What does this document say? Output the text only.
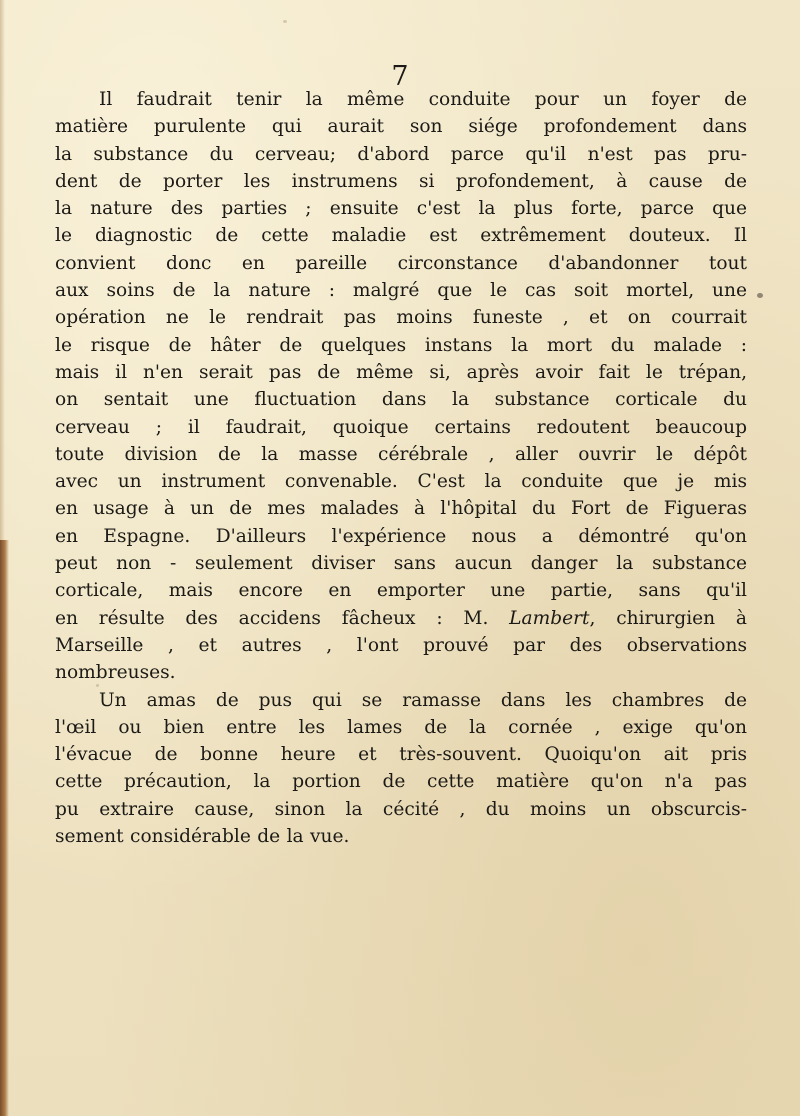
7
Il faudrait tenir la même conduite pour un foyer de
matière purulente qui aurait son siége profondement dans
la substance du cerveau; d'abord parce qu'il n'est pas pru-
dent de porter les instrumens si profondement, à cause de
la nature des parties ; ensuite c'est la plus forte, parce que
le diagnostic de cette maladie est extrêmement douteux. Il
convient donc en pareille circonstance d'abandonner tout
aux soins de la nature : malgré que le cas soit mortel, une
opération ne le rendrait pas moins funeste , et on courrait
le risque de hâter de quelques instans la mort du malade :
mais il n'en serait pas de même si, après avoir fait le trépan,
on sentait une fluctuation dans la substance corticale du
cerveau ; il faudrait, quoique certains redoutent beaucoup
toute division de la masse cérébrale , aller ouvrir le dépôt
avec un instrument convenable. C'est la conduite que je mis
en usage à un de mes malades à l'hôpital du Fort de Figueras
en Espagne. D'ailleurs l'expérience nous a démontré qu'on
peut non - seulement diviser sans aucun danger la substance
corticale, mais encore en emporter une partie, sans qu'il
en résulte des accidens fâcheux : M. Lambert, chirurgien à
Marseille , et autres , l'ont prouvé par des observations
nombreuses.
Un amas de pus qui se ramasse dans les chambres de
l'œil ou bien entre les lames de la cornée , exige qu'on
l'évacue de bonne heure et très-souvent. Quoiqu'on ait pris
cette précaution, la portion de cette matière qu'on n'a pas
pu extraire cause, sinon la cécité , du moins un obscurcis-
sement considérable de la vue.
